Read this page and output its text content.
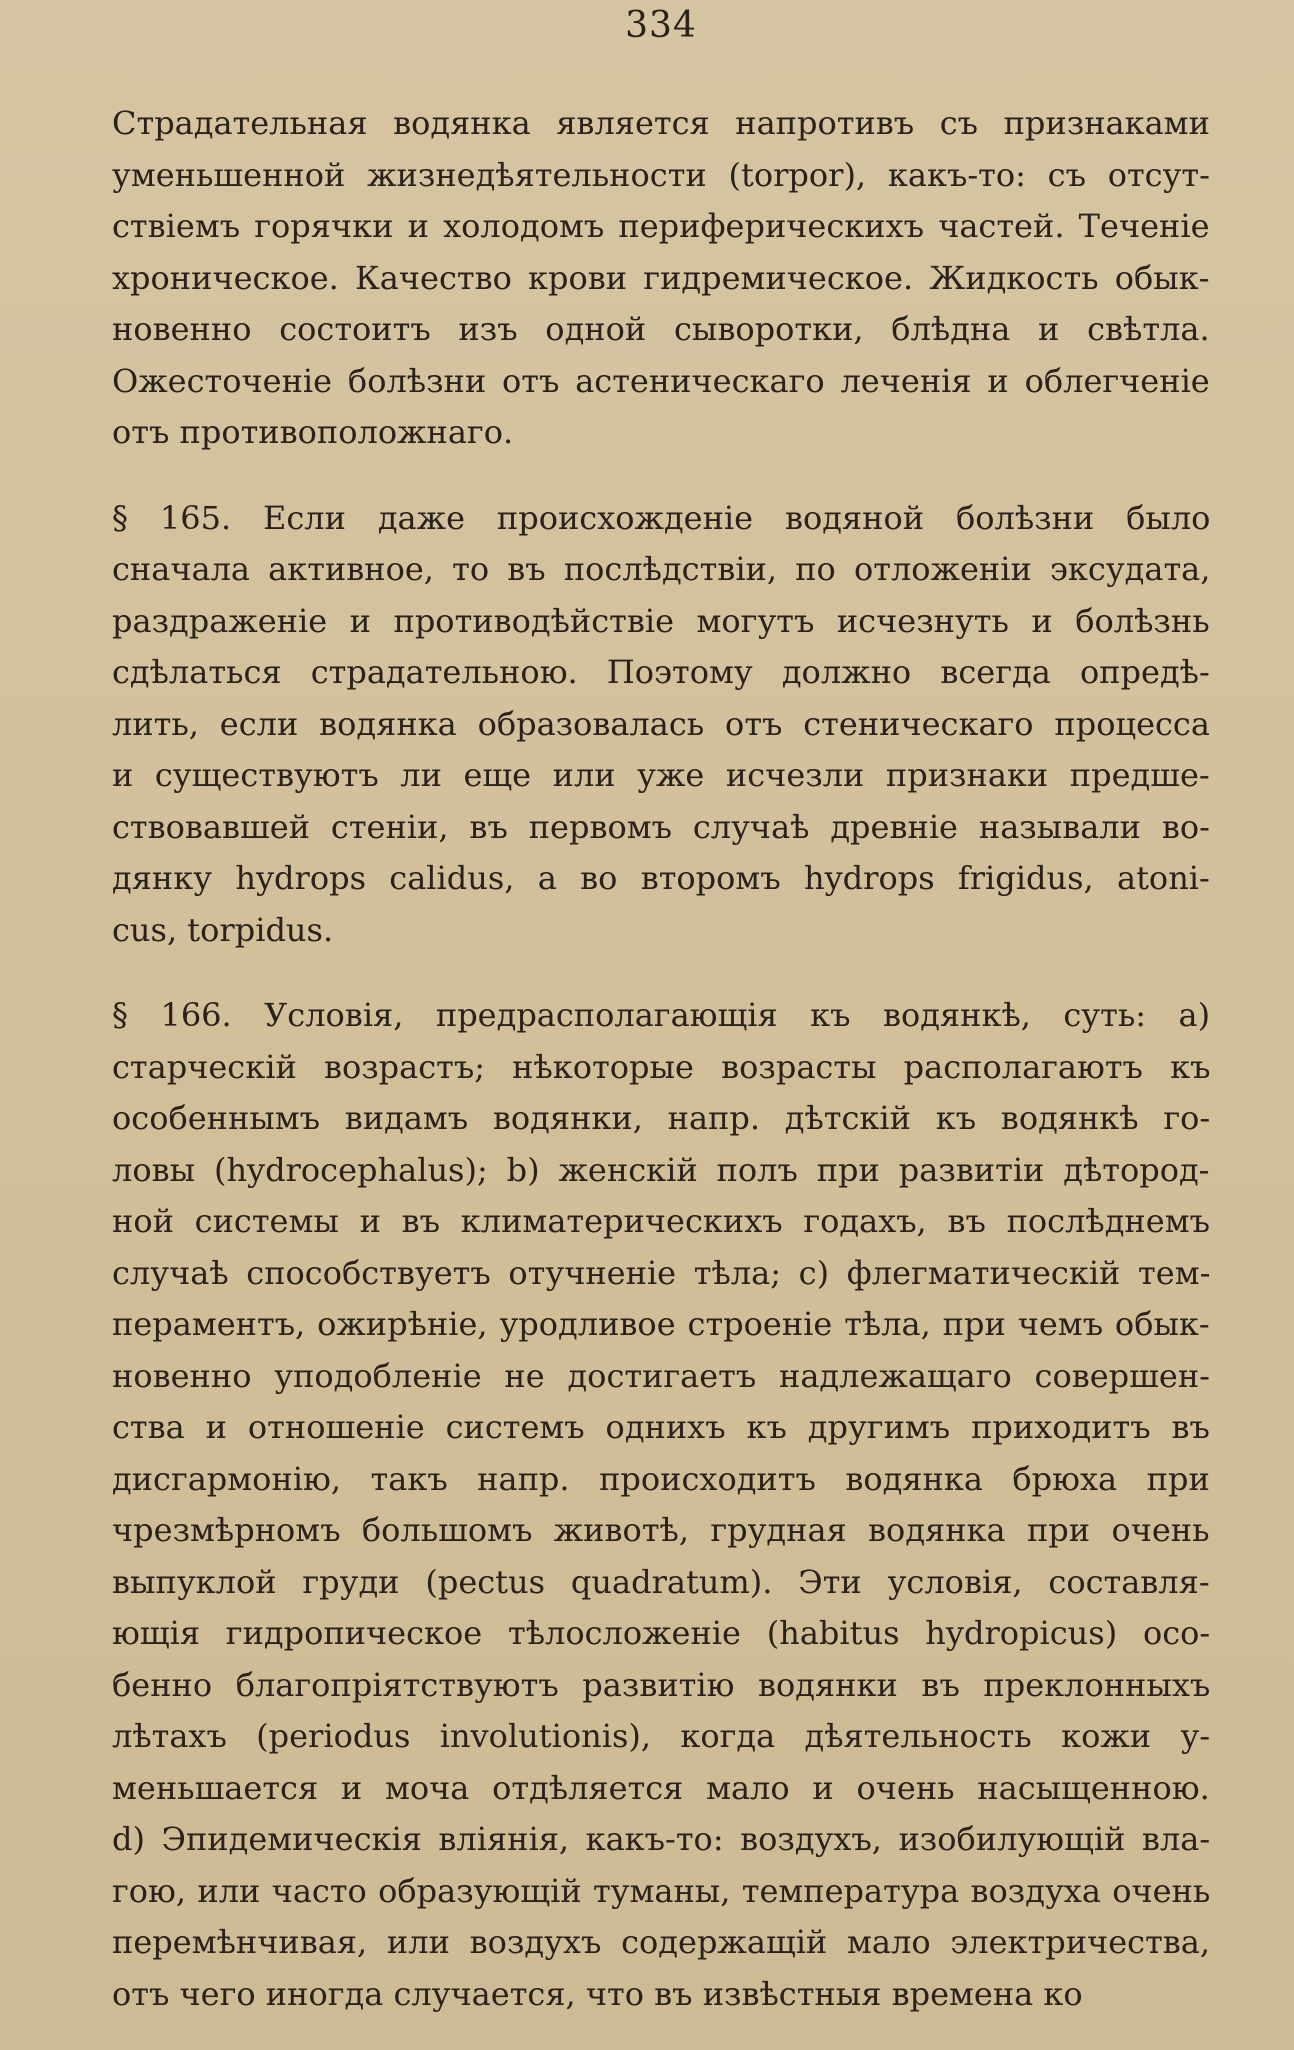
334
Страдательная водянка является напротивъ съ признаками
уменьшенной жизнедѣятельности (torpor), какъ-то: съ отсут-
ствіемъ горячки и холодомъ периферическихъ частей. Теченіе
хроническое. Качество крови гидремическое. Жидкость обык-
новенно состоитъ изъ одной сыворотки, блѣдна и свѣтла.
Ожесточеніе болѣзни отъ астеническаго леченія и облегченіе
отъ противоположнаго.
§ 165. Если даже происхожденіе водяной болѣзни было
сначала активное, то въ послѣдствіи, по отложеніи эксудата,
раздраженіе и противодѣйствіе могутъ исчезнуть и болѣзнь
сдѣлаться страдательною. Поэтому должно всегда опредѣ-
лить, если водянка образовалась отъ стеническаго процесса
и существуютъ ли еще или уже исчезли признаки предше-
ствовавшей стеніи, въ первомъ случаѣ древніе называли во-
дянку hydrops calidus, а во второмъ hydrops frigidus, atoni-
cus, torpidus.
§ 166. Условія, предрасполагающія къ водянкѣ, суть: a)
старческій возрастъ; нѣкоторые возрасты располагаютъ къ
особеннымъ видамъ водянки, напр. дѣтскій къ водянкѣ го-
ловы (hydrocephalus); b) женскій полъ при развитіи дѣтород-
ной системы и въ климатерическихъ годахъ, въ послѣднемъ
случаѣ способствуетъ отучненіе тѣла; c) флегматическій тем-
пераментъ, ожирѣніе, уродливое строеніе тѣла, при чемъ обык-
новенно уподобленіе не достигаетъ надлежащаго совершен-
ства и отношеніе системъ однихъ къ другимъ приходитъ въ
дисгармонію, такъ напр. происходитъ водянка брюха при
чрезмѣрномъ большомъ животѣ, грудная водянка при очень
выпуклой груди (pectus quadratum). Эти условія, составля-
ющія гидропическое тѣлосложеніе (habitus hydropicus) осо-
бенно благопріятствуютъ развитію водянки въ преклонныхъ
лѣтахъ (periodus involutionis), когда дѣятельность кожи у-
меньшается и моча отдѣляется мало и очень насыщенною.
d) Эпидемическія вліянія, какъ-то: воздухъ, изобилующій вла-
гою, или часто образующій туманы, температура воздуха очень
перемѣнчивая, или воздухъ содержащій мало электричества,
отъ чего иногда случается, что въ извѣстныя времена ко
